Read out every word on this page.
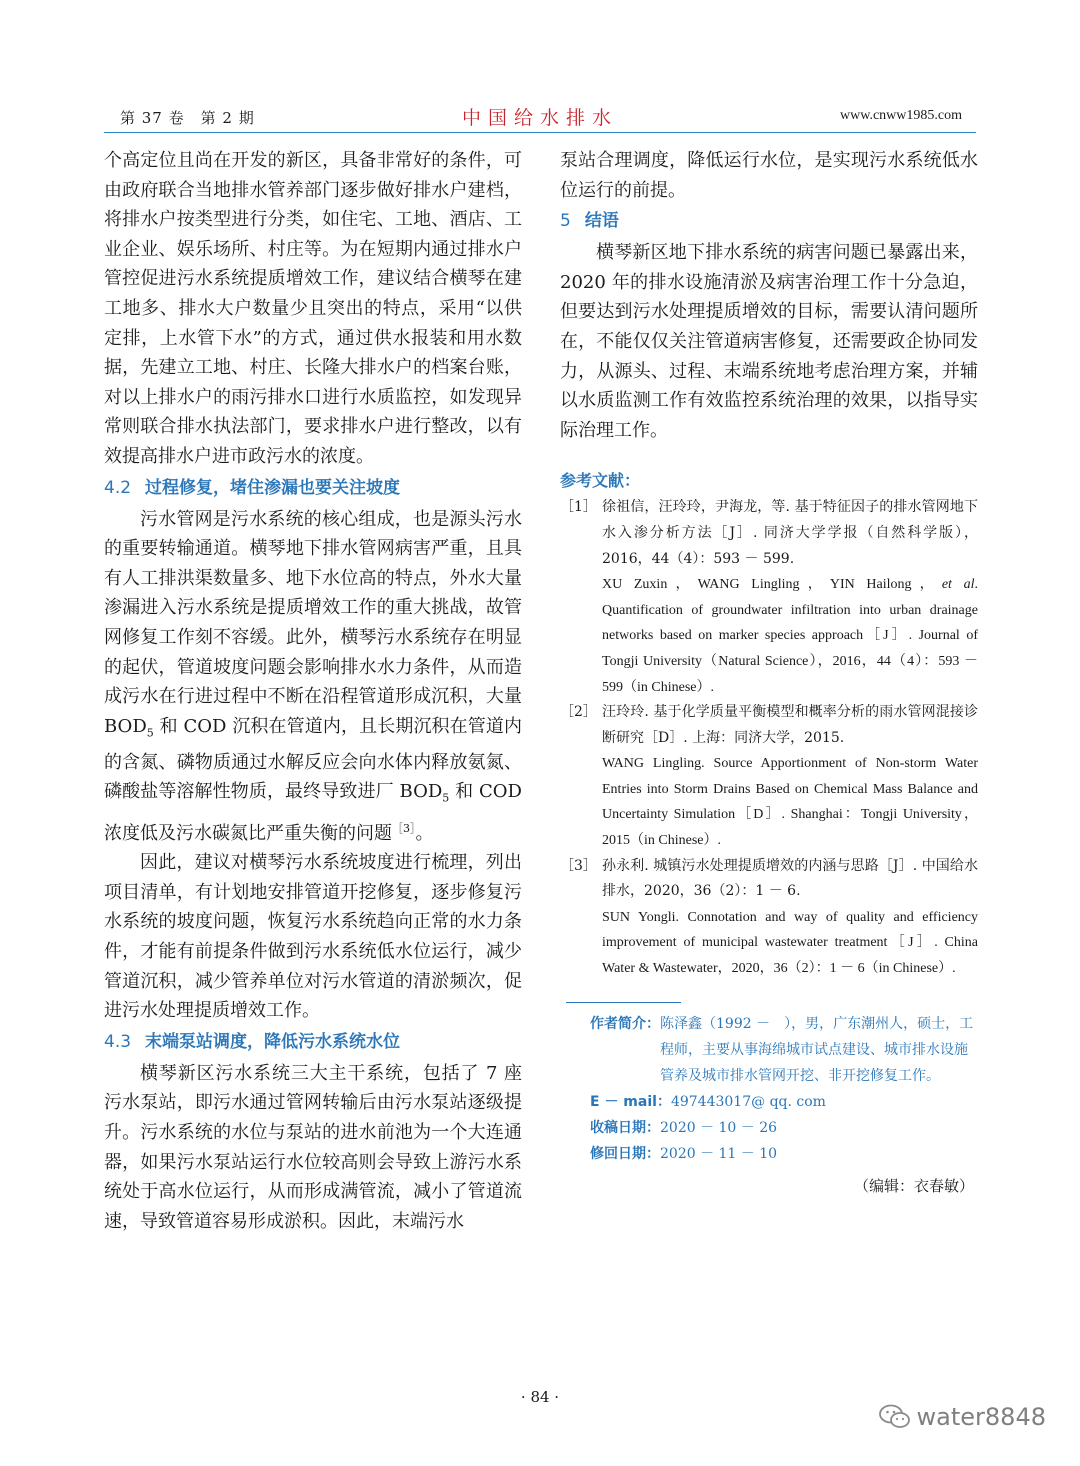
第 37 卷　第 2 期	中国给水排水	www.cnww1985.com

个高定位且尚在开发的新区，具备非常好的条件，可由政府联合当地排水管养部门逐步做好排水户建档，将排水户按类型进行分类，如住宅、工地、酒店、工业企业、娱乐场所、村庄等。为在短期内通过排水户管控促进污水系统提质增效工作，建议结合横琴在建工地多、排水大户数量少且突出的特点，采用“以供定排，上水管下水”的方式，通过供水报装和用水数据，先建立工地、村庄、长隆大排水户的档案台账，对以上排水户的雨污排水口进行水质监控，如发现异常则联合排水执法部门，要求排水户进行整改，以有效提高排水户进市政污水的浓度。

4.2 过程修复，堵住渗漏也要关注坡度

污水管网是污水系统的核心组成，也是源头污水的重要转输通道。横琴地下排水管网病害严重，且具有人工排洪渠数量多、地下水位高的特点，外水大量渗漏进入污水系统是提质增效工作的重大挑战，故管网修复工作刻不容缓。此外，横琴污水系统存在明显的起伏，管道坡度问题会影响排水水力条件，从而造成污水在行进过程中不断在沿程管道形成沉积，大量 $BOD_5$ 和 COD 沉积在管道内，且长期沉积在管道内的含氮、磷物质通过水解反应会向水体内释放氨氮、磷酸盐等溶解性物质，最终导致进厂 $BOD_5$ 和 COD 浓度低及污水碳氮比严重失衡的问题$^{[3]}$。

因此，建议对横琴污水系统坡度进行梳理，列出项目清单，有计划地安排管道开挖修复，逐步修复污水系统的坡度问题，恢复污水系统趋向正常的水力条件，才能有前提条件做到污水系统低水位运行，减少管道沉积，减少管养单位对污水管道的清淤频次，促进污水处理提质增效工作。

4.3 末端泵站调度，降低污水系统水位

横琴新区污水系统三大主干系统，包括了 7 座污水泵站，即污水通过管网转输后由污水泵站逐级提升。污水系统的水位与泵站的进水前池为一个大连通器，如果污水泵站运行水位较高则会导致上游污水系统处于高水位运行，从而形成满管流，减小了管道流速，导致管道容易形成淤积。因此，末端污水

泵站合理调度，降低运行水位，是实现污水系统低水位运行的前提。

5 结语

横琴新区地下排水系统的病害问题已暴露出来，2020 年的排水设施清淤及病害治理工作十分急迫，但要达到污水处理提质增效的目标，需要认清问题所在，不能仅仅关注管道病害修复，还需要政企协同发力，从源头、过程、末端系统地考虑治理方案，并辅以水质监测工作有效监控系统治理的效果，以指导实际治理工作。

参考文献：
［1］ 徐祖信，汪玲玲，尹海龙，等. 基于特征因子的排水管网地下水入渗分析方法［J］. 同济大学学报（自然科学版），2016，44（4）：593 － 599.
XU Zuxin，WANG Lingling，YIN Hailong，et al. Quantification of groundwater infiltration into urban drainage networks based on marker species approach［J］. Journal of Tongji University（Natural Science），2016，44（4）：593 － 599（in Chinese）.
［2］ 汪玲玲. 基于化学质量平衡模型和概率分析的雨水管网混接诊断研究［D］. 上海：同济大学，2015.
WANG Lingling. Source Apportionment of Non-storm Water Entries into Storm Drains Based on Chemical Mass Balance and Uncertainty Simulation［D］. Shanghai：Tongji University，2015（in Chinese）.
［3］ 孙永利. 城镇污水处理提质增效的内涵与思路［J］. 中国给水排水，2020，36（2）：1 － 6.
SUN Yongli. Connotation and way of quality and efficiency improvement of municipal wastewater treatment［J］. China Water & Wastewater，2020，36（2）：1 － 6（in Chinese）.
作者简介： 陈泽鑫（1992 －　），男，广东潮州人，硕士，工程师，主要从事海绵城市试点建设、城市排水设施管养及城市排水管网开挖、非开挖修复工作。
E － mail： 497443017@ qq. com
收稿日期： 2020 － 10 － 26
修回日期： 2020 － 11 － 10
（编辑：衣春敏）
· 84 ·
water8848
